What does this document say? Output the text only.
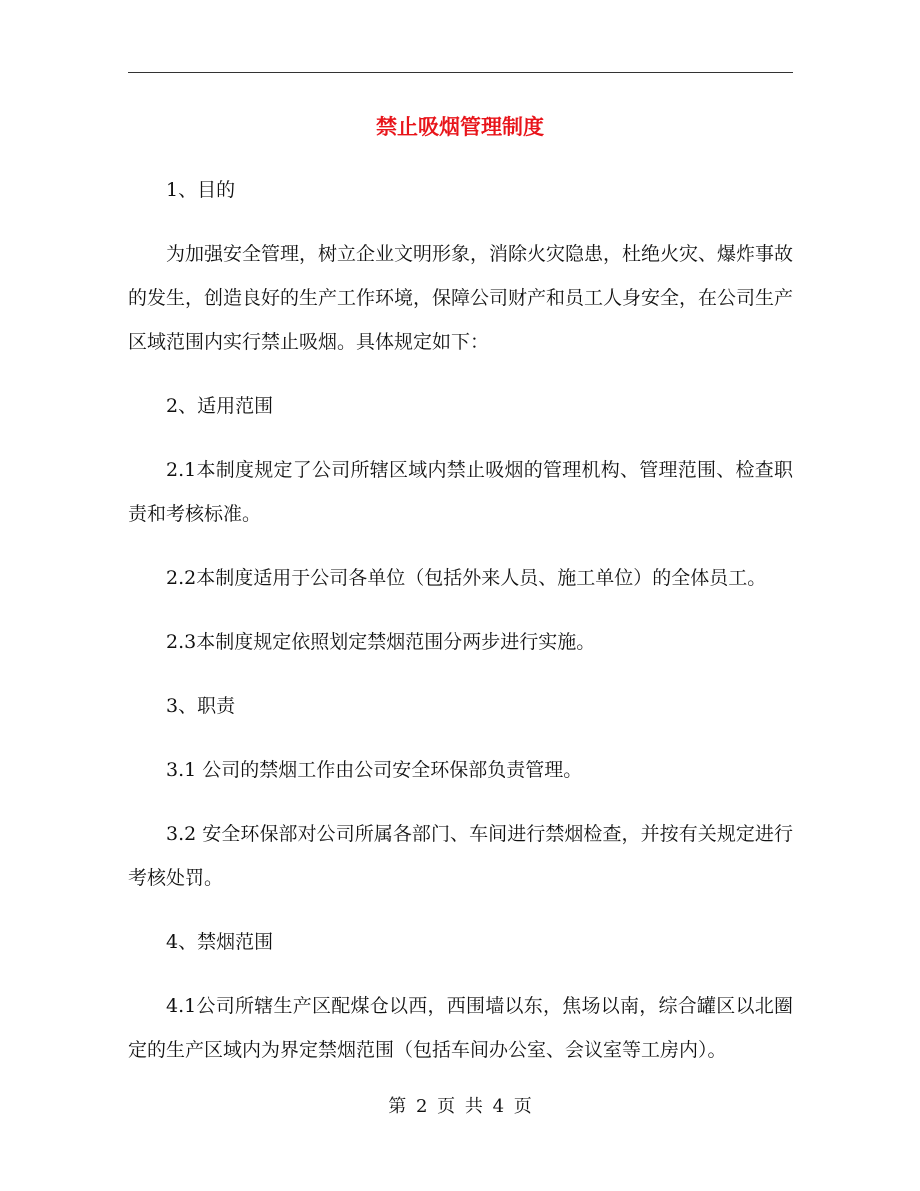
禁止吸烟管理制度

1、目的

为加强安全管理，树立企业文明形象，消除火灾隐患，杜绝火灾、爆炸事故的发生，创造良好的生产工作环境，保障公司财产和员工人身安全，在公司生产区域范围内实行禁止吸烟。具体规定如下：

2、适用范围

2.1本制度规定了公司所辖区域内禁止吸烟的管理机构、管理范围、检查职责和考核标准。

2.2本制度适用于公司各单位（包括外来人员、施工单位）的全体员工。

2.3本制度规定依照划定禁烟范围分两步进行实施。

3、职责

3.1 公司的禁烟工作由公司安全环保部负责管理。

3.2 安全环保部对公司所属各部门、车间进行禁烟检查，并按有关规定进行考核处罚。

4、禁烟范围

4.1公司所辖生产区配煤仓以西，西围墙以东，焦场以南，综合罐区以北圈定的生产区域内为界定禁烟范围（包括车间办公室、会议室等工房内）。

第 2 页 共 4 页
